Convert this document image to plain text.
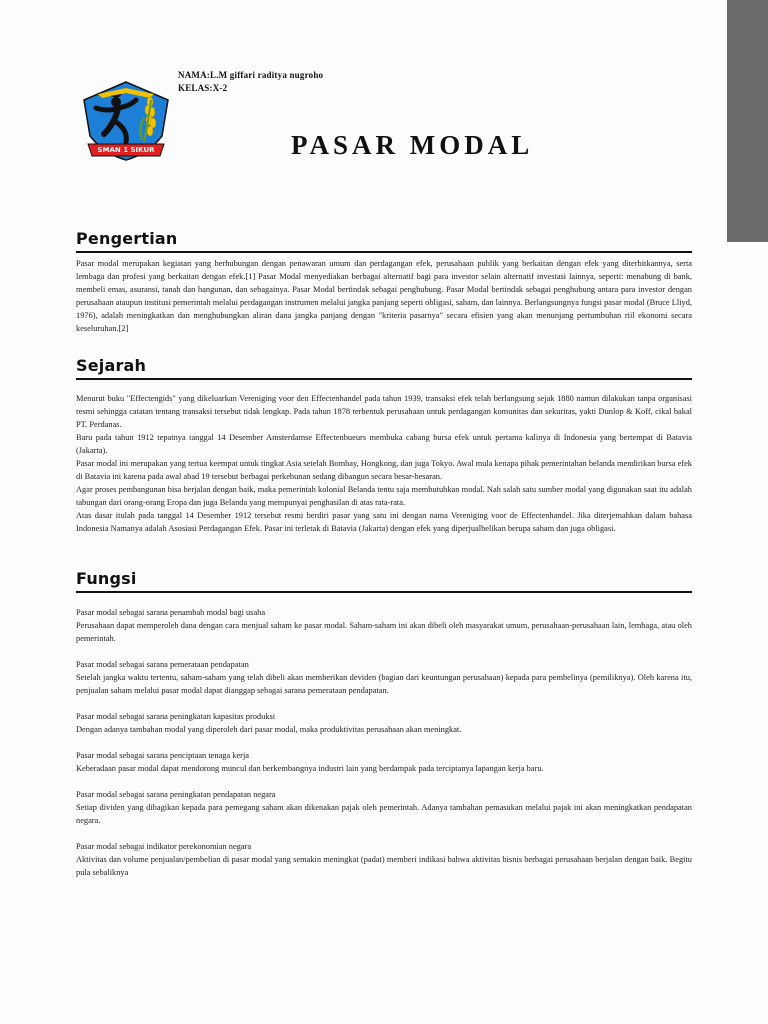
NAMA:L.M giffari raditya nugroho
KELAS:X-2
SMAN 1 SIKUR	PASAR MODAL
Pengertian

Pasar modal merupakan kegiatan yang berhubungan dengan penawaran umum dan perdagangan efek, perusahaan publik yang berkaitan dengan efek yang diterbitkannya, serta lembaga dan profesi yang berkaitan dengan efek.[1] Pasar Modal menyediakan berbagai alternatif bagi para investor selain alternatif investasi lainnya, seperti: menabung di bank, membeli emas, asuransi, tanah dan bangunan, dan sebagainya. Pasar Modal bertindak sebagai penghubung. Pasar Modal bertindak sebagai penghubung antara para investor dengan perusahaan ataupun institusi pemerintah melalui perdagangan instrumen melalui jangka panjang seperti obligasi, saham, dan lainnya. Berlangsungnya fungsi pasar modal (Bruce Lliyd, 1976), adalah meningkatkan dan menghubungkan aliran dana jangka panjang dengan "kriteria pasarnya" secara efisien yang akan menunjang pertumbuhan riil ekonomi secara keseluruhan.[2]

Sejarah

Menurut buku "Effectengids" yang dikeluarkan Vereniging voor den Effectenhandel pada tahun 1939, transaksi efek telah berlangsung sejak 1880 namun dilakukan tanpa organisasi resmi sehingga catatan tentang transaksi tersebut tidak lengkap. Pada tahun 1878 terbentuk perusahaan untuk perdagangan komunitas dan sekuritas, yakti Dunlop & Koff, cikal bakal PT. Perdanas.

Baru pada tahun 1912 tepatnya tanggal 14 Desember Amsterdamse Effectenbueurs membuka cabang bursa efek untuk pertama kalinya di Indonesia yang bertempat di Batavia (Jakarta).

Pasar modal ini merupakan yang tertua keempat untuk tingkat Asia setelah Bombay, Hongkong, dan juga Tokyo. Awal mula kenapa pihak pemerintahan belanda mendirikan bursa efek di Batavia ini karena pada awal abad 19 tersebut berbagai perkebunan sedang dibangun secara besar-besaran.

Agar proses pembangunan bisa berjalan dengan baik, maka pemerintah kolonial Belanda tentu saja membutuhkan modal. Nah salah satu sumber modal yang digunakan saat itu adalah tabungan dari orang-orang Eropa dan juga Belanda yang mempunyai penghasilan di atas rata-rata.

Atas dasar itulah pada tanggal 14 Desember 1912 tersebut resmi berdiri pasar yang satu ini dengan nama Vereniging voor de Effectenhandel. Jika diterjemahkan dalam bahasa Indonesia Namanya adalah Asosiasi Perdagangan Efek. Pasar ini terletak di Batavia (Jakarta) dengan efek yang diperjualbelikan berupa saham dan juga obligasi.

Fungsi

Pasar modal sebagai sarana penambah modal bagi usaha

Perusahaan dapat memperoleh dana dengan cara menjual saham ke pasar modal. Saham-saham ini akan dibeli oleh masyarakat umum, perusahaan-perusahaan lain, lembaga, atau oleh pemerintah.

Pasar modal sebagai sarana pemerataan pendapatan

Setelah jangka waktu tertentu, saham-saham yang telah dibeli akan memberikan deviden (bagian dari keuntungan perusahaan) kepada para pembelinya (pemiliknya). Oleh karena itu, penjualan saham melalui pasar modal dapat dianggap sebagai sarana pemerataan pendapatan.

Pasar modal sebagai sarana peningkatan kapasitas produksi

Dengan adanya tambahan modal yang diperoleh dari pasar modal, maka produktivitas perusahaan akan meningkat.

Pasar modal sebagai sarana penciptaan tenaga kerja

Keberadaan pasar modal dapat mendorong muncul dan berkembangnya industri lain yang berdampak pada terciptanya lapangan kerja baru.

Pasar modal sebagai sarana peningkatan pendapatan negara

Setiap dividen yang dibagikan kepada para pemegang saham akan dikenakan pajak oleh pemerintah. Adanya tambahan pemasukan melalui pajak ini akan meningkatkan pendapatan negara.

Pasar modal sebagai indikator perekonomian negara

Aktivitas dan volume penjualan/pembelian di pasar modal yang semakin meningkat (padat) memberi indikasi bahwa aktivitas bisnis berbagai perusahaan berjalan dengan baik. Begitu pula sebaliknya
